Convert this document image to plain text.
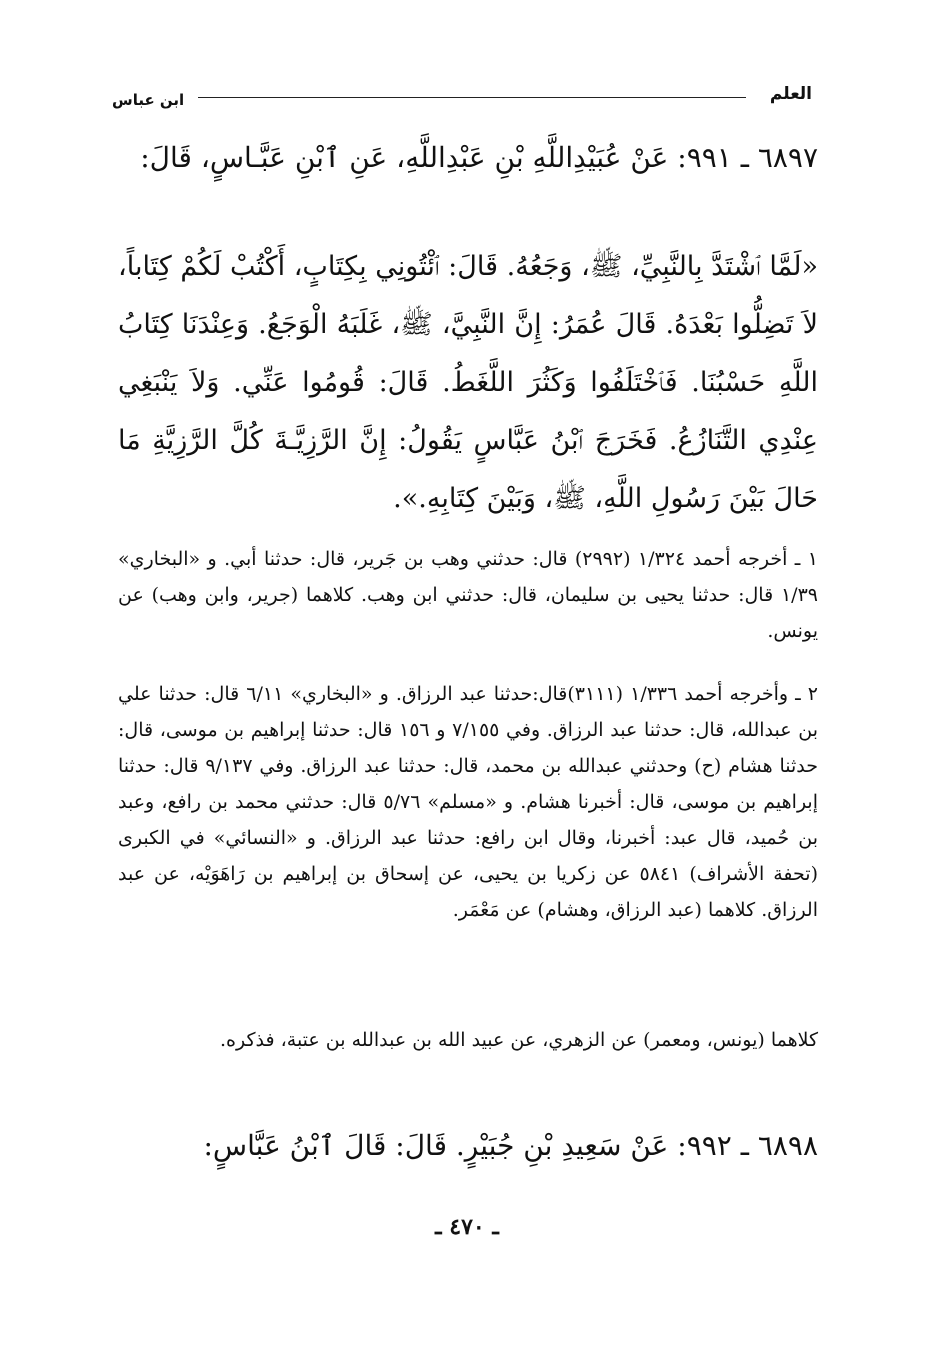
العلم
ابن عباس
٦٨٩٧ ـ ٩٩١: عَنْ عُبَيْدِاللَّهِ بْنِ عَبْدِاللَّهِ، عَنِ ٱبْنِ عَبَّـاسٍ، قَالَ:
«لَمَّا ٱشْتَدَّ بِالنَّبِيِّ، ﷺ، وَجَعُهُ. قَالَ: ٱئْتُونِي بِكِتَابٍ، أَكْتُبْ لَكُمْ كِتَاباً، لاَ تَضِلُّوا بَعْدَهُ. قَالَ عُمَرُ: إِنَّ النَّبِيَّ، ﷺ، غَلَبَهُ الْوَجَعُ. وَعِنْدَنَا كِتَابُ اللَّهِ حَسْبُنَا. فَٱخْتَلَفُوا وَكَثُرَ اللَّغَطُ. قَالَ: قُومُوا عَنِّي. وَلاَ يَنْبَغِي عِنْدِي التَّنَازُعُ. فَخَرَجَ ٱبْنُ عَبَّاسٍ يَقُولُ: إِنَّ الرَّزِيَّـةَ كُلَّ الرَّزِيَّةِ مَا حَالَ بَيْنَ رَسُولِ اللَّهِ، ﷺ، وَبَيْنَ كِتَابِهِ.».
١ ـ أخرجه أحمد ١/٣٢٤ (٢٩٩٢) قال: حدثني وهب بن جَرير، قال: حدثنا أبي. و «البخاري» ١/٣٩ قال: حدثنا يحيى بن سليمان، قال: حدثني ابن وهب. كلاهما (جرير، وابن وهب) عن يونس.
٢ ـ وأخرجه أحمد ١/٣٣٦ (٣١١١)قال:حدثنا عبد الرزاق. و «البخاري» ٦/١١ قال: حدثنا علي بن عبدالله، قال: حدثنا عبد الرزاق. وفي ٧/١٥٥ و ١٥٦ قال: حدثنا إبراهيم بن موسى، قال: حدثنا هشام (ح) وحدثني عبدالله بن محمد، قال: حدثنا عبد الرزاق. وفي ٩/١٣٧ قال: حدثنا إبراهيم بن موسى، قال: أخبرنا هشام. و «مسلم» ٥/٧٦ قال: حدثني محمد بن رافع، وعبد بن حُميد، قال عبد: أخبرنا، وقال ابن رافع: حدثنا عبد الرزاق. و «النسائي» في الكبرى (تحفة الأشراف) ٥٨٤١ عن زكريا بن يحيى، عن إسحاق بن إبراهيم بن رَاهَوَيْه، عن عبد الرزاق. كلاهما (عبد الرزاق، وهشام) عن مَعْمَر.
كلاهما (يونس، ومعمر) عن الزهري، عن عبيد الله بن عبدالله بن عتبة، فذكره.
٦٨٩٨ ـ ٩٩٢: عَنْ سَعِيدِ بْنِ جُبَيْرٍ. قَالَ: قَالَ ٱبْنُ عَبَّاسٍ:
ـ ٤٧٠ ـ
